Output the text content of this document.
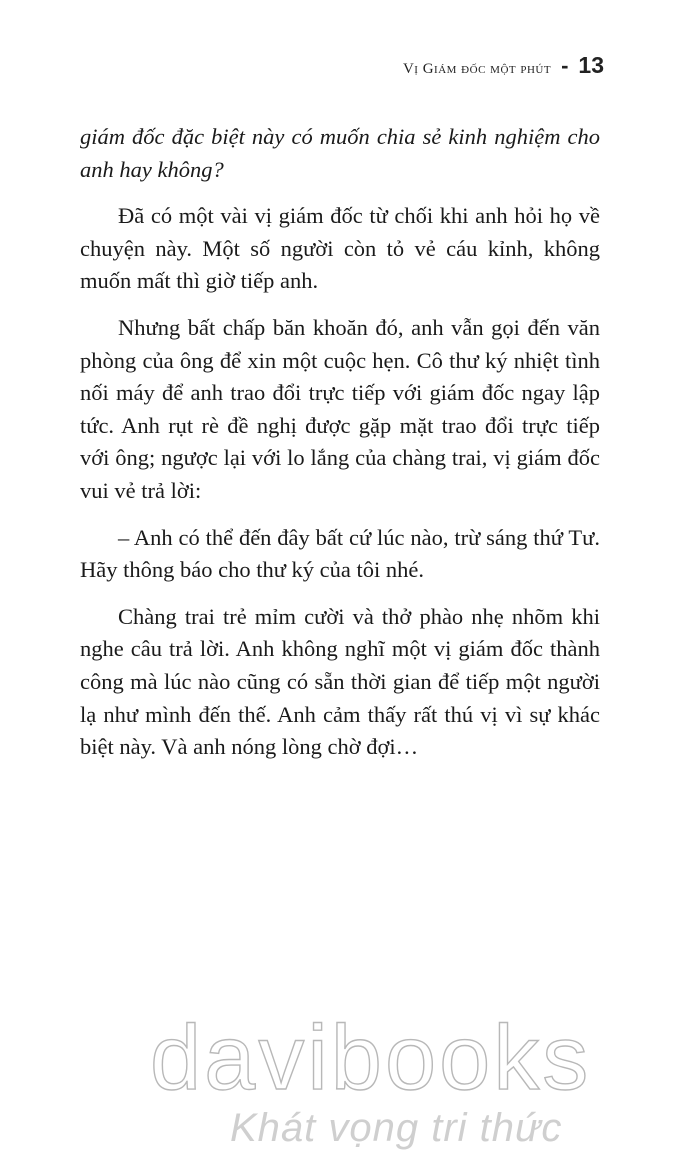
Vị Giám đốc một phút - 13

giám đốc đặc biệt này có muốn chia sẻ kinh nghiệm cho anh hay không?

Đã có một vài vị giám đốc từ chối khi anh hỏi họ về chuyện này. Một số người còn tỏ vẻ cáu kỉnh, không muốn mất thì giờ tiếp anh.

Nhưng bất chấp băn khoăn đó, anh vẫn gọi đến văn phòng của ông để xin một cuộc hẹn. Cô thư ký nhiệt tình nối máy để anh trao đổi trực tiếp với giám đốc ngay lập tức. Anh rụt rè đề nghị được gặp mặt trao đổi trực tiếp với ông; ngược lại với lo lắng của chàng trai, vị giám đốc vui vẻ trả lời:

– Anh có thể đến đây bất cứ lúc nào, trừ sáng thứ Tư. Hãy thông báo cho thư ký của tôi nhé.

Chàng trai trẻ mỉm cười và thở phào nhẹ nhõm khi nghe câu trả lời. Anh không nghĩ một vị giám đốc thành công mà lúc nào cũng có sẵn thời gian để tiếp một người lạ như mình đến thế. Anh cảm thấy rất thú vị vì sự khác biệt này. Và anh nóng lòng chờ đợi…

davibooks
Khát vọng tri thức
